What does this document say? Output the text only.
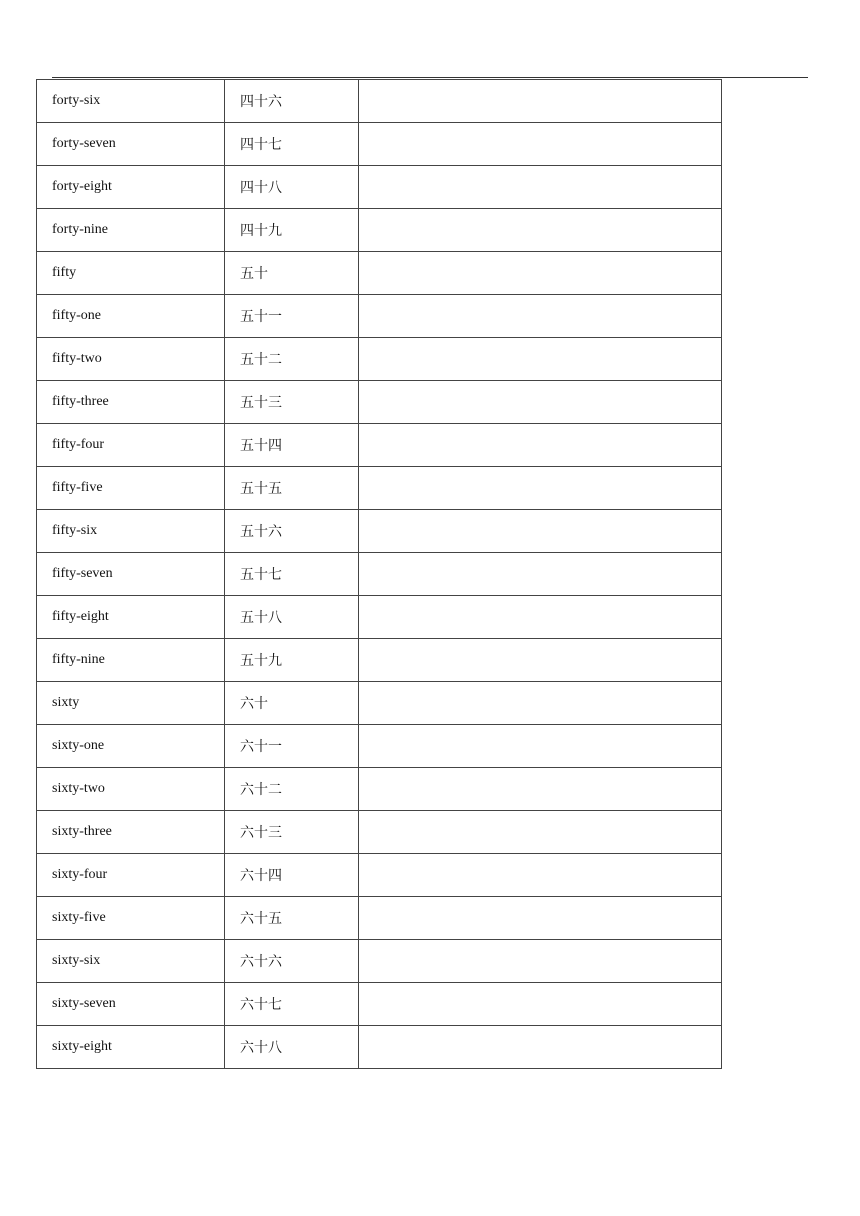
forty-six	四十六	
forty-seven	四十七	
forty-eight	四十八	
forty-nine	四十九	
fifty	五十	
fifty-one	五十一	
fifty-two	五十二	
fifty-three	五十三	
fifty-four	五十四	
fifty-five	五十五	
fifty-six	五十六	
fifty-seven	五十七	
fifty-eight	五十八	
fifty-nine	五十九	
sixty	六十	
sixty-one	六十一	
sixty-two	六十二	
sixty-three	六十三	
sixty-four	六十四	
sixty-five	六十五	
sixty-six	六十六	
sixty-seven	六十七	
sixty-eight	六十八	
